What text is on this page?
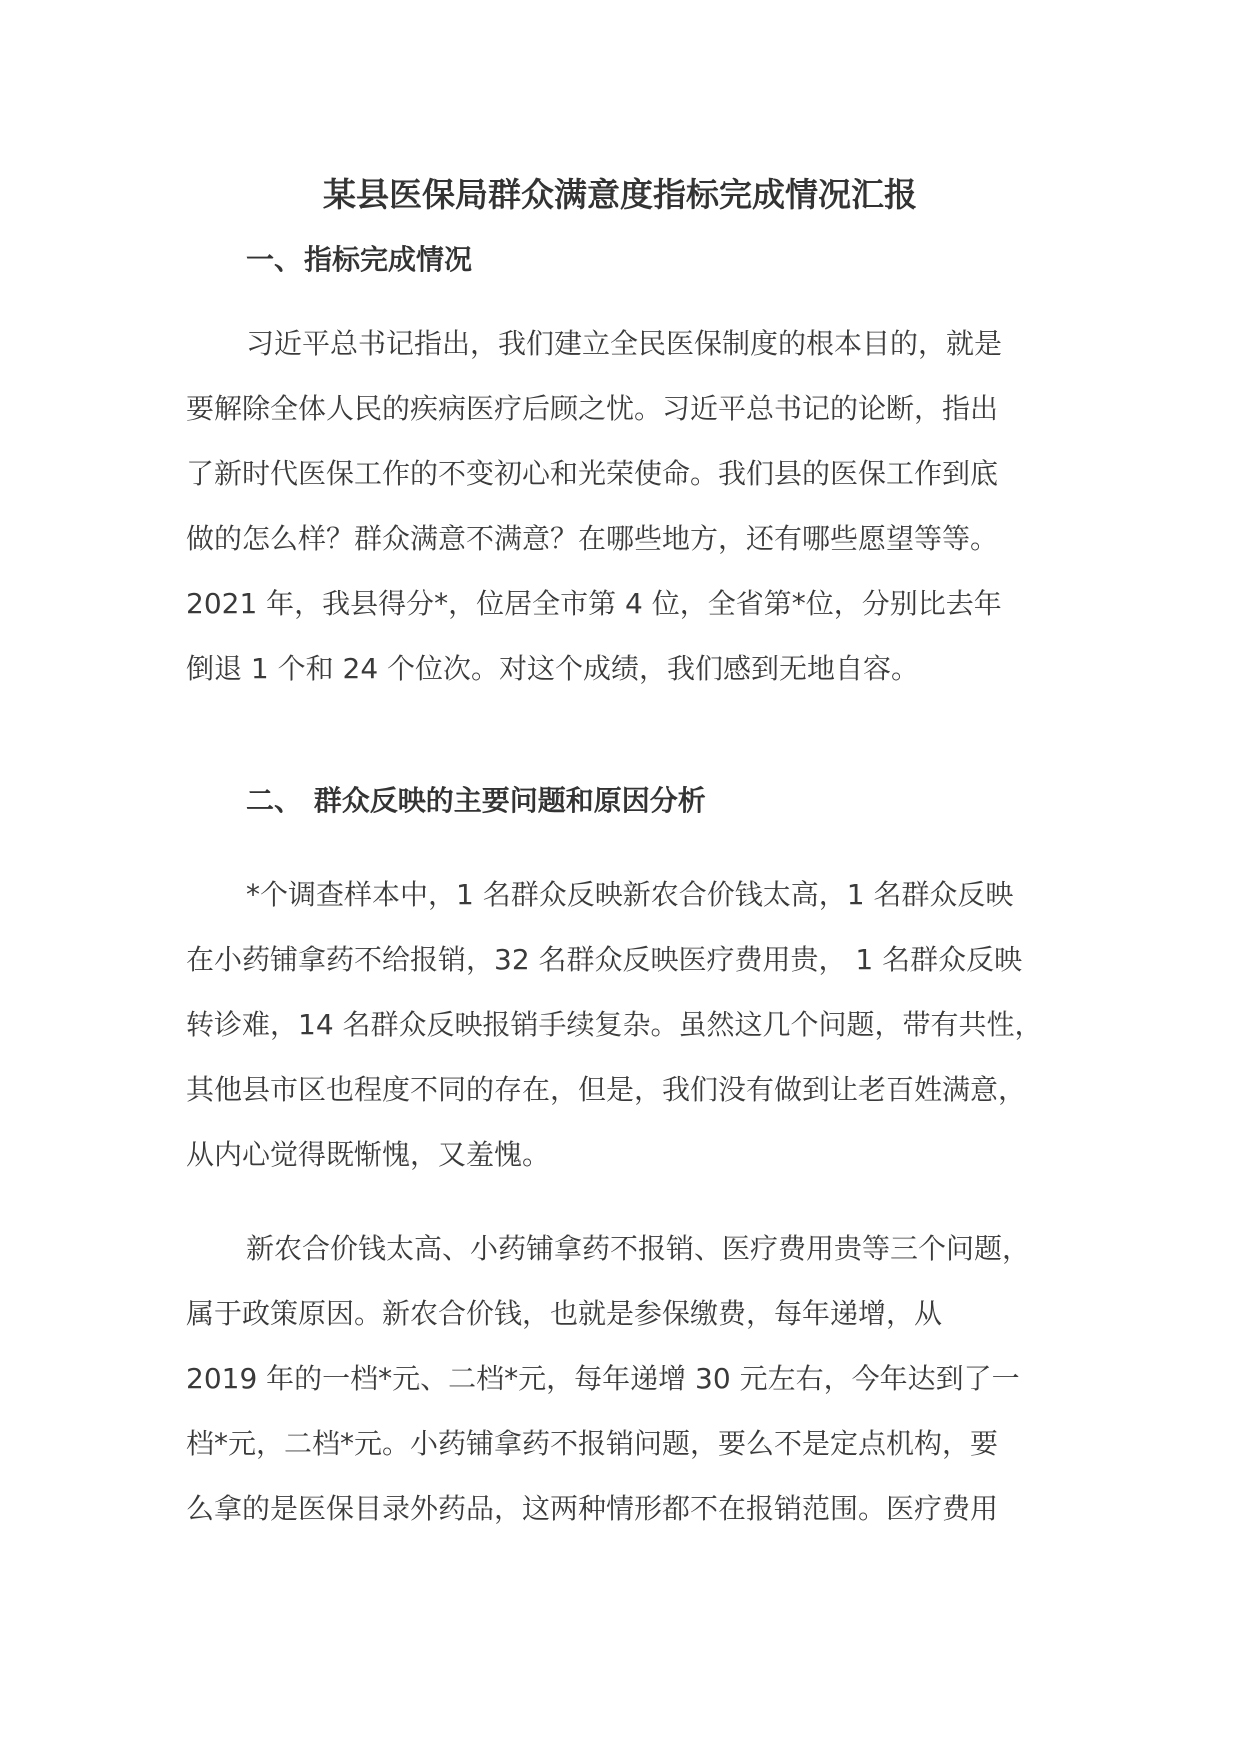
某县医保局群众满意度指标完成情况汇报
一、指标完成情况

习近平总书记指出，我们建立全民医保制度的根本目的，就是
要解除全体人民的疾病医疗后顾之忧。习近平总书记的论断，指出
了新时代医保工作的不变初心和光荣使命。我们县的医保工作到底
做的怎么样？群众满意不满意？在哪些地方，还有哪些愿望等等。
2021 年，我县得分*，位居全市第 4 位，全省第*位，分别比去年
倒退 1 个和 24 个位次。对这个成绩，我们感到无地自容。

二、 群众反映的主要问题和原因分析

*个调查样本中，1 名群众反映新农合价钱太高，1 名群众反映
在小药铺拿药不给报销，32 名群众反映医疗费用贵， 1 名群众反映
转诊难，14 名群众反映报销手续复杂。虽然这几个问题，带有共性，
其他县市区也程度不同的存在，但是，我们没有做到让老百姓满意，
从内心觉得既惭愧，又羞愧。

新农合价钱太高、小药铺拿药不报销、医疗费用贵等三个问题，
属于政策原因。新农合价钱，也就是参保缴费，每年递增，从
2019 年的一档*元、二档*元，每年递增 30 元左右，今年达到了一
档*元，二档*元。小药铺拿药不报销问题，要么不是定点机构，要
么拿的是医保目录外药品，这两种情形都不在报销范围。医疗费用
